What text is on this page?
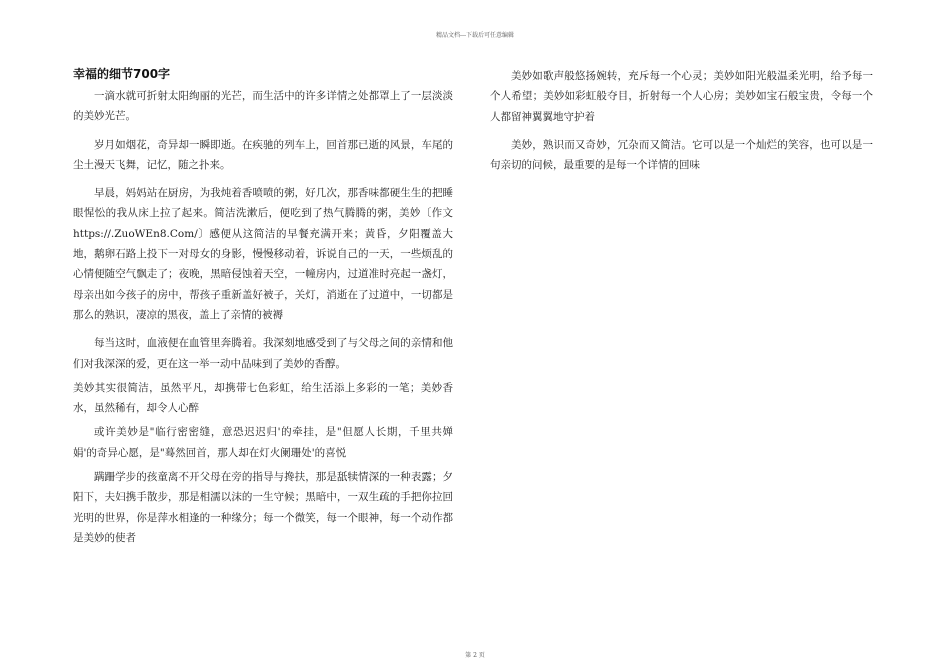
精品文档---下载后可任意编辑
幸福的细节700字

一滴水就可折射太阳绚丽的光芒，而生活中的许多详情之处都罩上了一层淡淡的美妙光芒。

岁月如烟花，奇异却一瞬即逝。在疾驰的列车上，回首那已逝的风景，车尾的尘土漫天飞舞，记忆，随之扑来。

早晨，妈妈站在厨房，为我炖着香喷喷的粥，好几次，那香味都硬生生的把睡眼惺忪的我从床上拉了起来。简洁洗漱后，便吃到了热气腾腾的粥，美妙〔作文https://.ZuoWEn8.Com/〕感便从这简洁的早餐充满开来；黄昏，夕阳覆盖大地，鹅卵石路上投下一对母女的身影，慢慢移动着，诉说自己的一天，一些烦乱的心情便随空气飘走了；夜晚，黑暗侵蚀着天空，一幢房内，过道准时亮起一盏灯，母亲出如今孩子的房中，帮孩子重新盖好被子，关灯，消逝在了过道中，一切都是那么的熟识，凄凉的黑夜，盖上了亲情的被褥

每当这时，血液便在血管里奔腾着。我深刻地感受到了与父母之间的亲情和他们对我深深的爱，更在这一举一动中品味到了美妙的香醇。

美妙其实很简洁，虽然平凡，却携带七色彩虹，给生活添上多彩的一笔；美妙香水，虽然稀有，却令人心醉

或许美妙是"临行密密缝，意恐迟迟归'的牵挂，是"但愿人长期，千里共婵娟'的奇异心愿，是"蓦然回首，那人却在灯火阑珊处'的喜悦

蹒跚学步的孩童离不开父母在旁的指导与搀扶，那是舐犊情深的一种表露；夕阳下，夫妇携手散步，那是相濡以沫的一生守候；黑暗中，一双生疏的手把你拉回光明的世界，你是萍水相逢的一种缘分；每一个微笑，每一个眼神，每一个动作都是美妙的使者

美妙如歌声般悠扬婉转，充斥每一个心灵；美妙如阳光般温柔光明，给予每一个人希望；美妙如彩虹般夺目，折射每一个人心房；美妙如宝石般宝贵，令每一个人都留神翼翼地守护着

美妙，熟识而又奇妙，冗杂而又简洁。它可以是一个灿烂的笑容，也可以是一句亲切的问候，最重要的是每一个详情的回味

第 2 页
